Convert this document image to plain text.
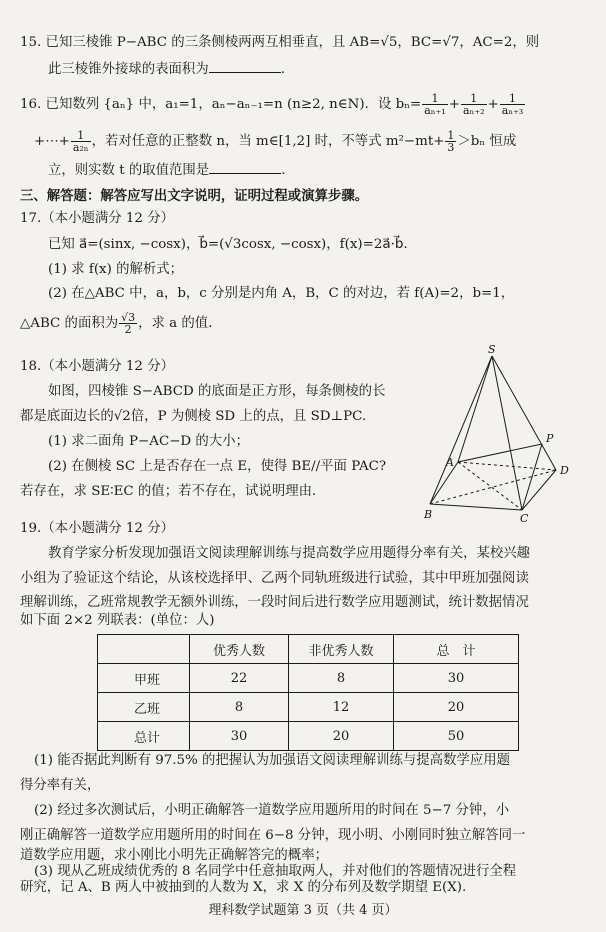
15. 已知三棱锥 P−ABC 的三条侧棱两两互相垂直，且 AB=√5，BC=√7，AC=2，则
此三棱锥外接球的表面积为	.
16. 已知数列 {aₙ} 中，a₁=1，aₙ−aₙ₋₁=n (n≥2, n∈N)．设 $b_n= \frac{1}{\text{aₙ₊₁}} + \frac{1}{\text{aₙ₊₂}} + \frac{1}{\text{aₙ₊₃}}$
+⋯+ $\frac{1}{\text{a₂ₙ}}$ ，若对任意的正整数 n，当 m∈[1,2] 时，不等式 $m^2-mt+ \frac{1}{3} >b_n$ 恒成
立，则实数 t 的取值范围是	.
三、解答题：解答应写出文字说明，证明过程或演算步骤。
17.（本小题满分 12 分）
已知 a⃗=(sinx, −cosx)，b⃗=(√3cosx, −cosx)，f(x)=2a⃗·b⃗.
(1) 求 f(x) 的解析式；
(2) 在△ABC 中，a，b，c 分别是内角 A，B，C 的对边，若 f(A)=2，b=1，
△ABC 的面积为 $\frac{√3}{2}$ ，求 a 的值．
18.（本小题满分 12 分）
如图，四棱锥 S−ABCD 的底面是正方形，每条侧棱的长
都是底面边长的√2倍，P 为侧棱 SD 上的点，且 SD⊥PC.
(1) 求二面角 P−AC−D 的大小；
(2) 在侧棱 SC 上是否存在一点 E，使得 BE//平面 PAC?
若存在，求 SE∶EC 的值；若不存在，试说明理由．
S
A
B	C
D
P
19.（本小题满分 12 分）
教育学家分析发现加强语文阅读理解训练与提高数学应用题得分率有关，某校兴趣
小组为了验证这个结论，从该校选择甲、乙两个同轨班级进行试验，其中甲班加强阅读
理解训练，乙班常规教学无额外训练，一段时间后进行数学应用题测试，统计数据情况
如下面 2×2 列联表：(单位：人)
	优秀人数	非优秀人数	总　计
甲班	22	8	30
乙班	8	12	20
总计	30	20	50
(1) 能否据此判断有 97.5% 的把握认为加强语文阅读理解训练与提高数学应用题
得分率有关，
(2) 经过多次测试后，小明正确解答一道数学应用题所用的时间在 5−7 分钟，小
刚正确解答一道数学应用题所用的时间在 6−8 分钟，现小明、小刚同时独立解答同一
道数学应用题，求小刚比小明先正确解答完的概率；
(3) 现从乙班成绩优秀的 8 名同学中任意抽取两人，并对他们的答题情况进行全程
研究，记 A、B 两人中被抽到的人数为 X，求 X 的分布列及数学期望 E(X).
理科数学试题第 3 页（共 4 页）
